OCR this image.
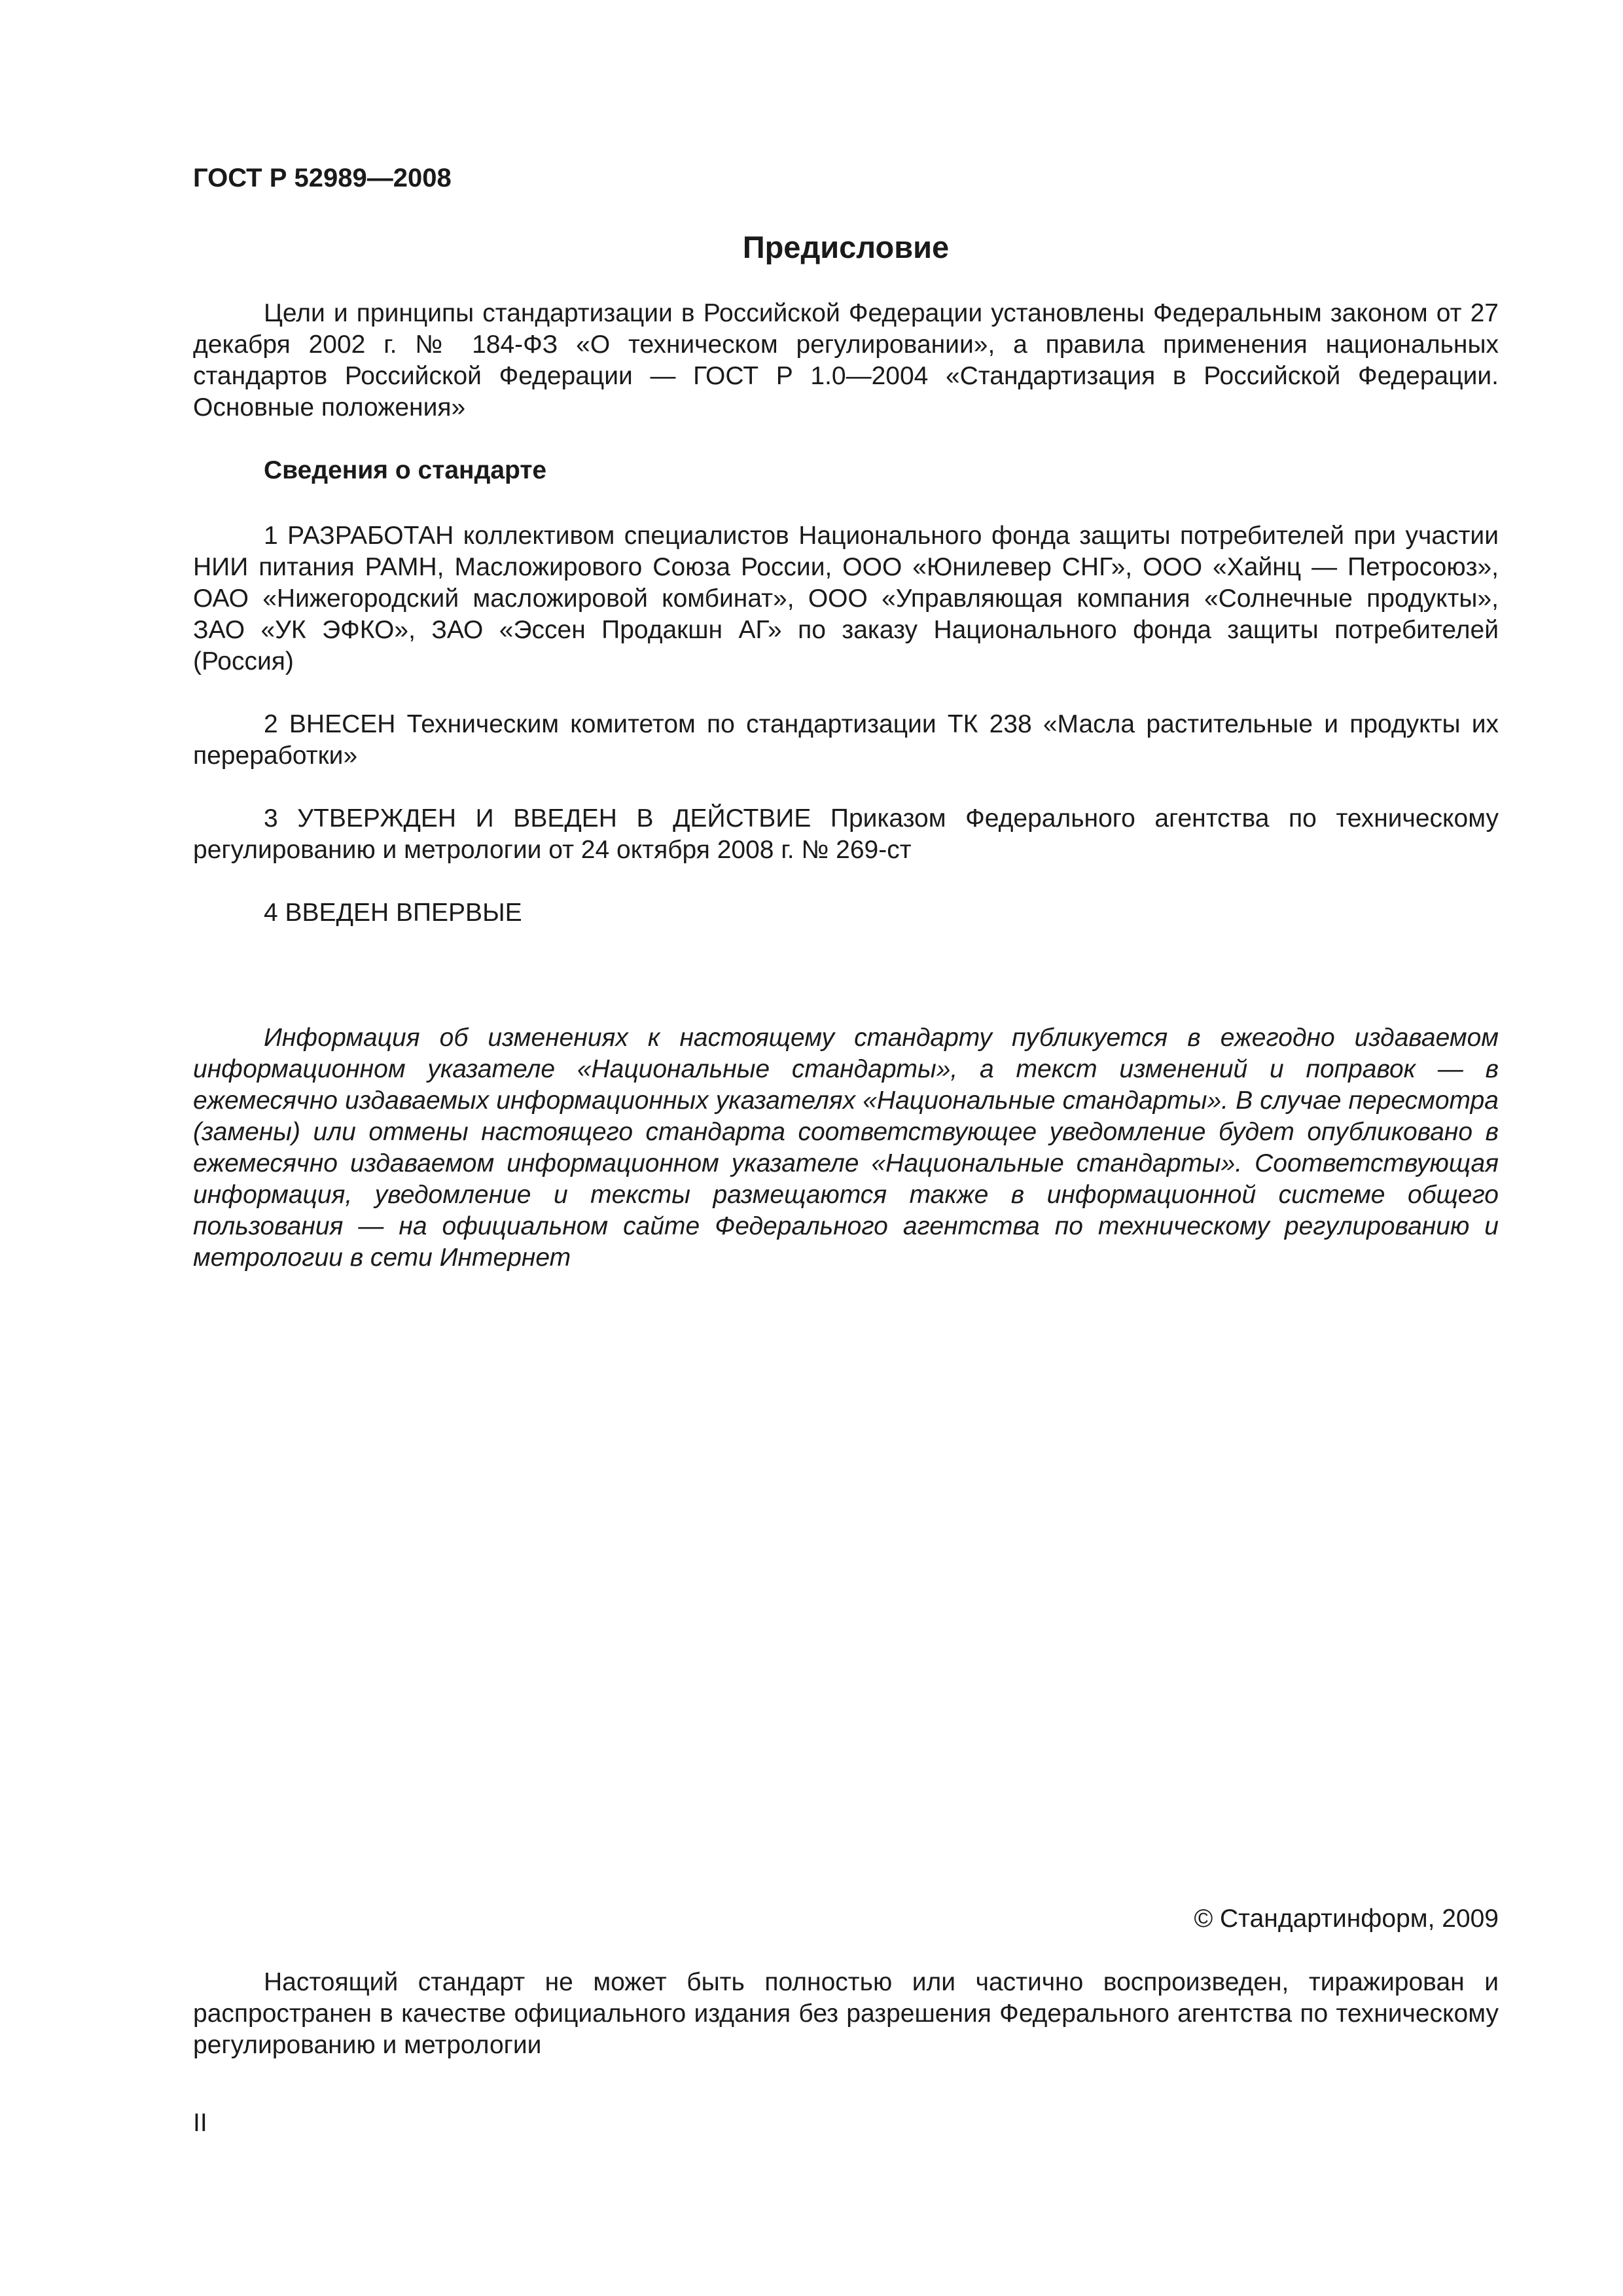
ГОСТ Р 52989—2008

Предисловие

Цели и принципы стандартизации в Российской Федерации установлены Федеральным законом от 27 декабря 2002 г. № 184-ФЗ «О техническом регулировании», а правила применения национальных стандартов Российской Федерации — ГОСТ Р 1.0—2004 «Стандартизация в Российской Федерации. Основные положения»

Сведения о стандарте

1 РАЗРАБОТАН коллективом специалистов Национального фонда защиты потребителей при участии НИИ питания РАМН, Масложирового Союза России, ООО «Юнилевер СНГ», ООО «Хайнц — Петросоюз», ОАО «Нижегородский масложировой комбинат», ООО «Управляющая компания «Солнечные продукты», ЗАО «УК ЭФКО», ЗАО «Эссен Продакшн АГ» по заказу Национального фонда защиты потребителей (Россия)

2 ВНЕСЕН Техническим комитетом по стандартизации ТК 238 «Масла растительные и продукты их переработки»

3 УТВЕРЖДЕН И ВВЕДЕН В ДЕЙСТВИЕ Приказом Федерального агентства по техническому регулированию и метрологии от 24 октября 2008 г. № 269-ст

4 ВВЕДЕН ВПЕРВЫЕ

Информация об изменениях к настоящему стандарту публикуется в ежегодно издаваемом информационном указателе «Национальные стандарты», а текст изменений и поправок — в ежемесячно издаваемых информационных указателях «Национальные стандарты». В случае пересмотра (замены) или отмены настоящего стандарта соответствующее уведомление будет опубликовано в ежемесячно издаваемом информационном указателе «Национальные стандарты». Соответствующая информация, уведомление и тексты размещаются также в информационной системе общего пользования — на официальном сайте Федерального агентства по техническому регулированию и метрологии в сети Интернет

© Стандартинформ, 2009

Настоящий стандарт не может быть полностью или частично воспроизведен, тиражирован и распространен в качестве официального издания без разрешения Федерального агентства по техническому регулированию и метрологии

II
